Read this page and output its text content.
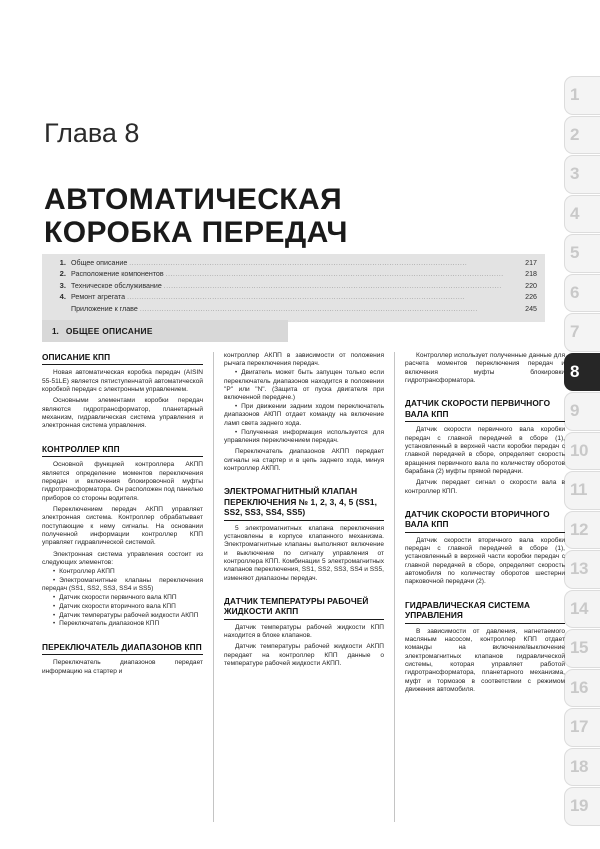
1
2
3
4
5
6
7
8
9
10
11
12
13
14
15
16
17
18
19
Глава 8
АВТОМАТИЧЕСКАЯ КОРОБКА ПЕРЕДАЧ
1. Общее описание ...........................................................................................................................................	217
2. Расположение компонентов ...........................................................................................................................................	218
3. Техническое обслуживание ...........................................................................................................................................	220
4. Ремонт агрегата ...........................................................................................................................................	226
Приложение к главе ...........................................................................................................................................	245
1. ОБЩЕЕ ОПИСАНИЕ
ОПИСАНИЕ КПП

Новая автоматическая коробка передач (AISIN 55-51LE) является пятиступенчатой автоматической коробкой передач с электронным управлением.

Основными элементами коробки передач являются гидротрансформатор, планетарный механизм, гидравлическая система управления и электронная система управления.

КОНТРОЛЛЕР КПП

Основной функцией контроллера АКПП является определение моментов переключения передач и включения блокировочной муфты гидротрансформатора. Он расположен под панелью приборов со стороны водителя.

Переключением передач АКПП управляет электронная система. Контроллер обрабатывает поступающие к нему сигналы. На основании полученной информации контроллер КПП управляет гидравлической системой.

Электронная система управления состоит из следующих элементов:

• Контроллер АКПП

• Электромагнитные клапаны переключения передач (SS1, SS2, SS3, SS4 и SS5)

• Датчик скорости первичного вала КПП

• Датчик скорости вторичного вала КПП

• Датчик температуры рабочей жидкости АКПП

• Переключатель диапазонов КПП

ПЕРЕКЛЮЧАТЕЛЬ ДИАПАЗОНОВ КПП

Переключатель диапазонов передает информацию на стартер и

контроллер АКПП в зависимости от положения рычага переключения передач.

• Двигатель может быть запущен только если переключатель диапазонов находится в положении "P" или "N". (Защита от пуска двигателя при включенной передаче.)

• При движении задним ходом переключатель диапазонов АКПП отдает команду на включение ламп света заднего хода.

• Полученная информация используется для управления переключением передач.

Переключатель диапазонов АКПП передает сигналы на стартер и в цепь заднего хода, минуя контроллер АКПП.

ЭЛЕКТРОМАГНИТНЫЙ КЛАПАН ПЕРЕКЛЮЧЕНИЯ № 1, 2, 3, 4, 5 (SS1, SS2, SS3, SS4, SS5)

5 электромагнитных клапана переключения установлены в корпусе клапанного механизма. Электромагнитные клапаны выполняют включение и выключение по сигналу управления от контроллера КПП. Комбинации 5 электромагнитных клапанов переключения, SS1, SS2, SS3, SS4 и SS5, изменяют диапазоны передач.

ДАТЧИК ТЕМПЕРАТУРЫ РАБОЧЕЙ ЖИДКОСТИ АКПП

Датчик температуры рабочей жидкости КПП находится в блоке клапанов.

Датчик температуры рабочей жидкости АКПП передает на контроллер КПП данные о температуре рабочей жидкости АКПП.

Контроллер использует полученные данные для расчета моментов переключения передач и включения муфты блокировки гидротрансформатора.

ДАТЧИК СКОРОСТИ ПЕРВИЧНОГО ВАЛА КПП

Датчик скорости первичного вала коробки передач с главной передачей в сборе (1), установленный в верхней части коробки передач с главной передачей в сборе, определяет скорость вращения первичного вала по количеству оборотов барабана (2) муфты прямой передачи.

Датчик передает сигнал о скорости вала в контроллер КПП.

ДАТЧИК СКОРОСТИ ВТОРИЧНОГО ВАЛА КПП

Датчик скорости вторичного вала коробки передач с главной передачей в сборе (1), установленный в верхней части коробки передач с главной передачей в сборе, определяет скорость автомобиля по количеству оборотов шестерни парковочной передачи (2).

ГИДРАВЛИЧЕСКАЯ СИСТЕМА УПРАВЛЕНИЯ

В зависимости от давления, нагнетаемого масляным насосом, контроллер КПП отдает команды на включение/выключение электромагнитных клапанов гидравлической системы, которая управляет работой гидротрансформатора, планетарного механизма, муфт и тормозов в соответствии с режимом движения автомобиля.
